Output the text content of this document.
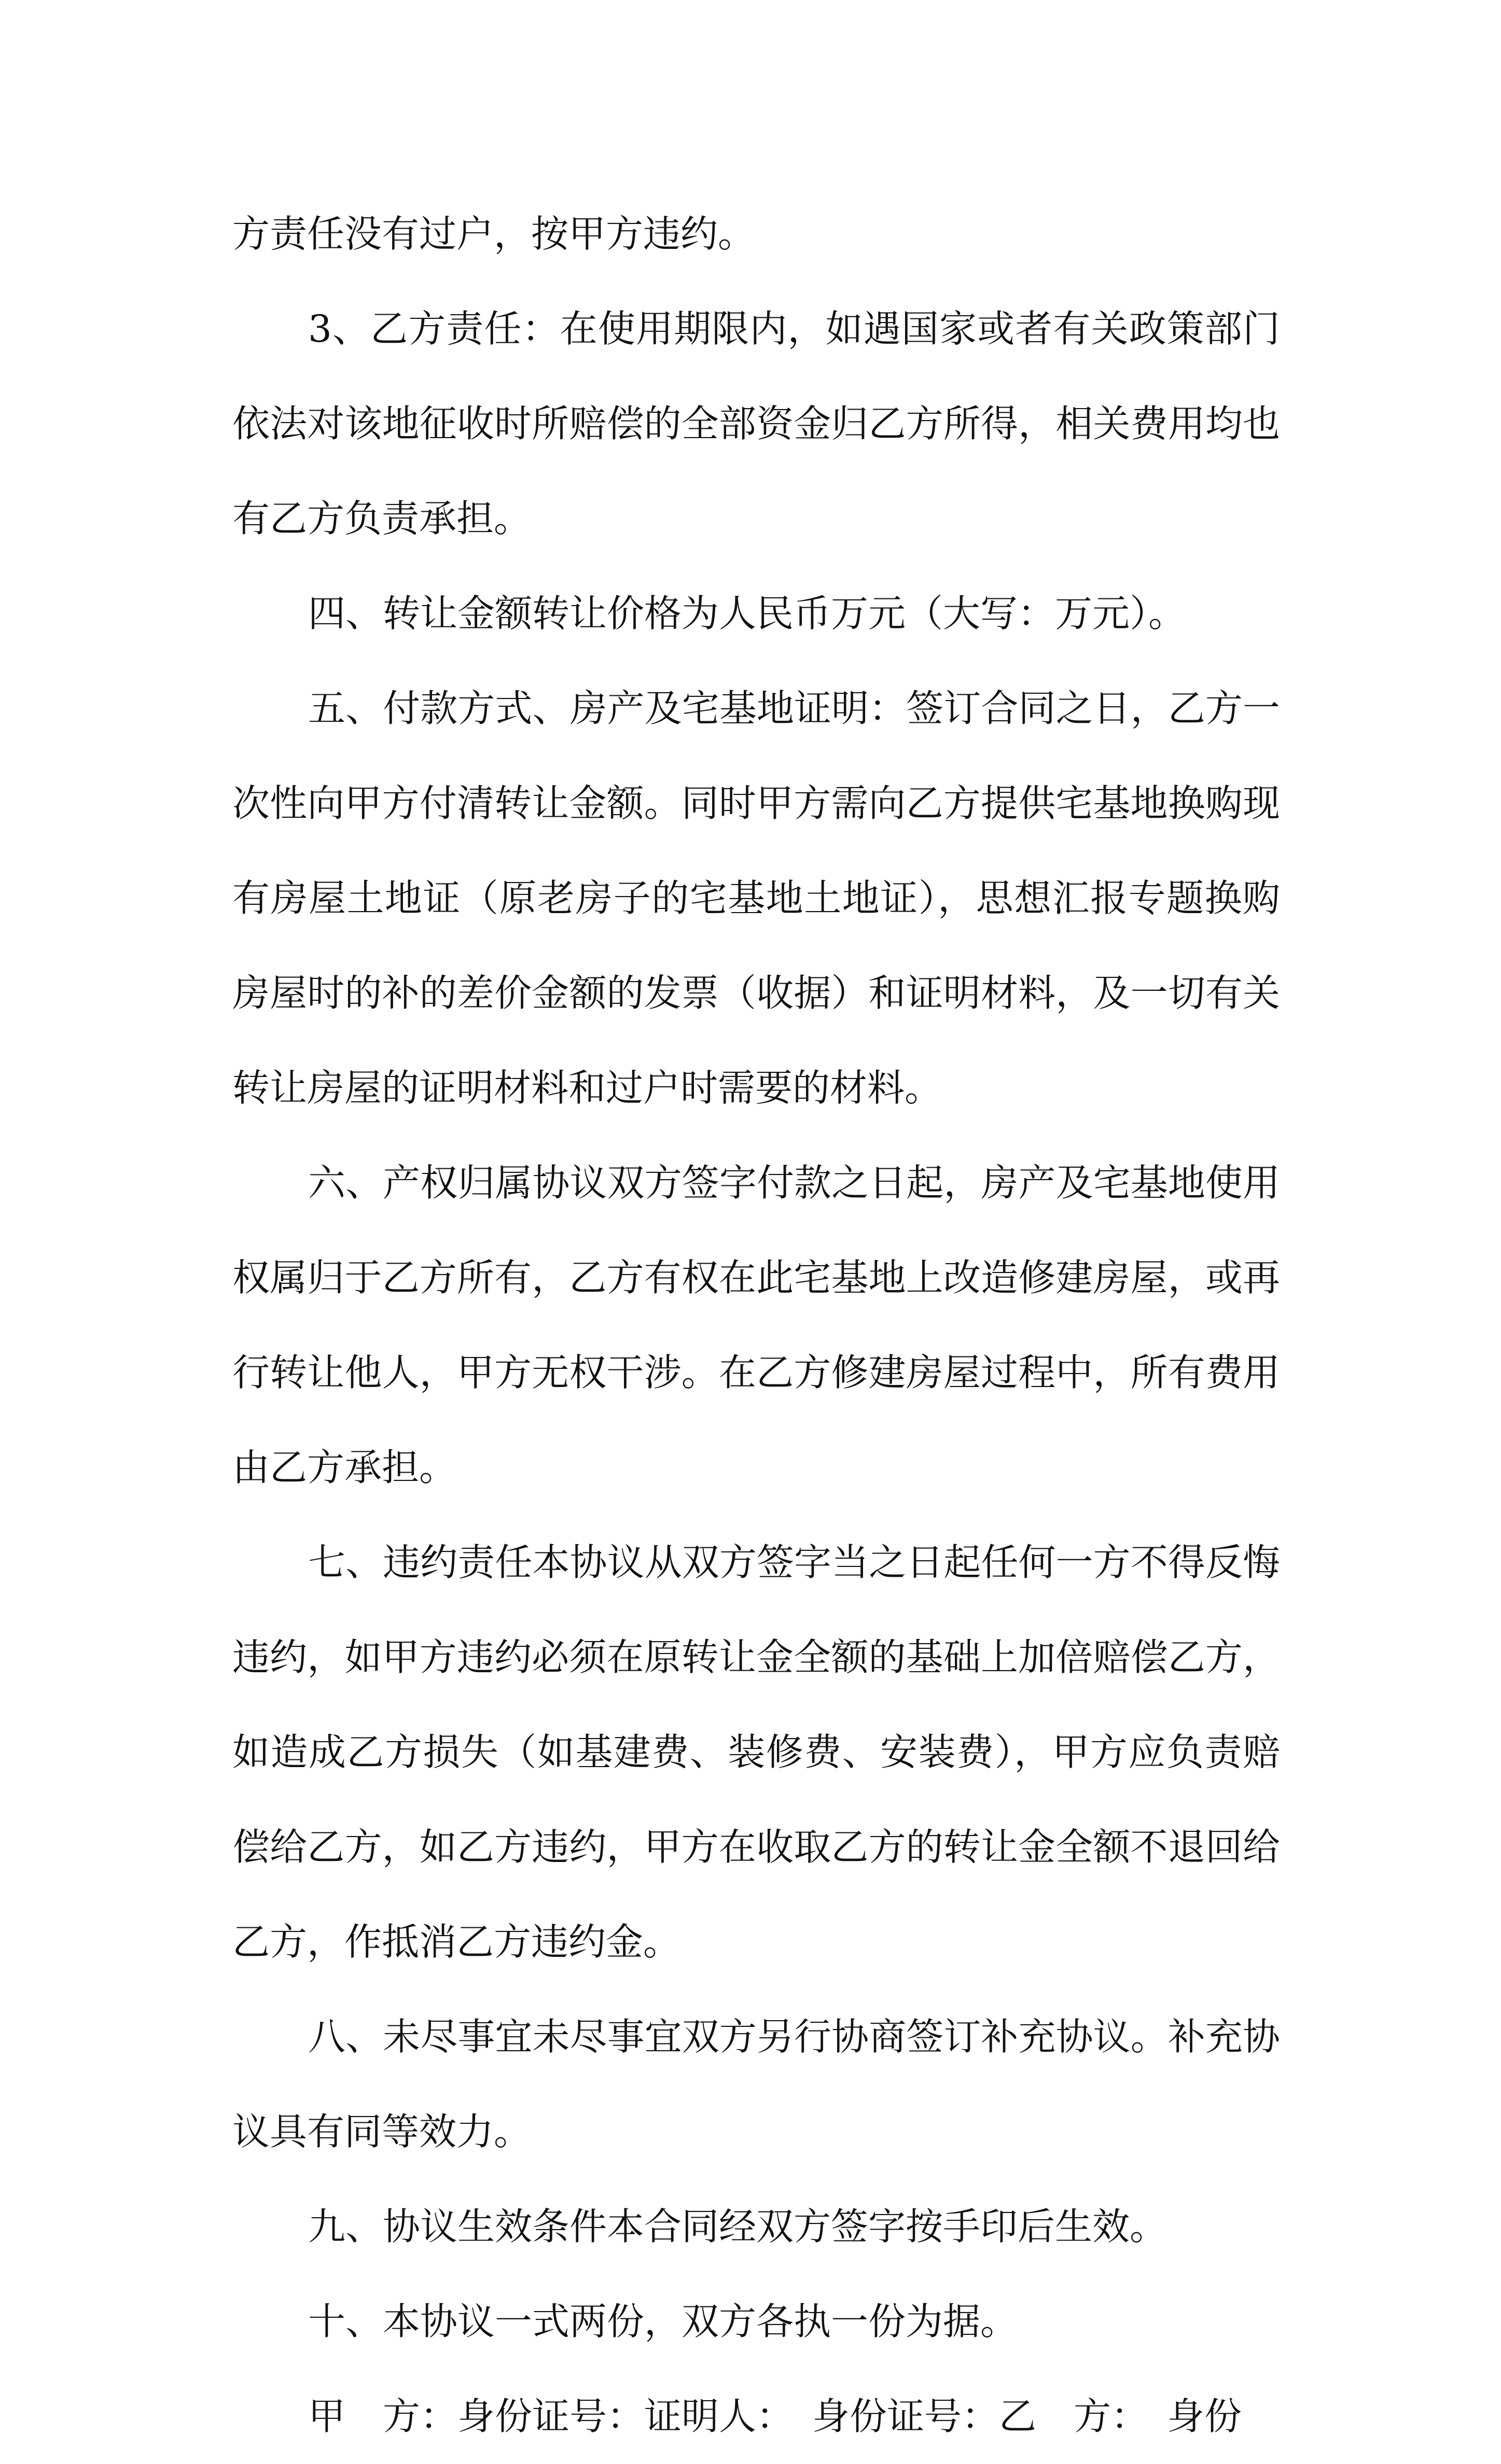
方责任没有过户，按甲方违约。

3、乙方责任：在使用期限内，如遇国家或者有关政策部门依法对该地征收时所赔偿的全部资金归乙方所得，相关费用均也有乙方负责承担。

四、转让金额转让价格为人民币万元（大写：万元）。

五、付款方式、房产及宅基地证明：签订合同之日，乙方一次性向甲方付清转让金额。同时甲方需向乙方提供宅基地换购现有房屋土地证（原老房子的宅基地土地证），思想汇报专题换购房屋时的补的差价金额的发票（收据）和证明材料，及一切有关转让房屋的证明材料和过户时需要的材料。

六、产权归属协议双方签字付款之日起，房产及宅基地使用权属归于乙方所有，乙方有权在此宅基地上改造修建房屋，或再行转让他人，甲方无权干涉。在乙方修建房屋过程中，所有费用由乙方承担。

七、违约责任本协议从双方签字当之日起任何一方不得反悔违约，如甲方违约必须在原转让金全额的基础上加倍赔偿乙方，如造成乙方损失（如基建费、装修费、安装费），甲方应负责赔偿给乙方，如乙方违约，甲方在收取乙方的转让金全额不退回给乙方，作抵消乙方违约金。

八、未尽事宜未尽事宜双方另行协商签订补充协议。补充协议具有同等效力。

九、协议生效条件本合同经双方签字按手印后生效。

十、本协议一式两份，双方各执一份为据。

甲　方：身份证号：证明人：　身份证号：乙　方：　身份
